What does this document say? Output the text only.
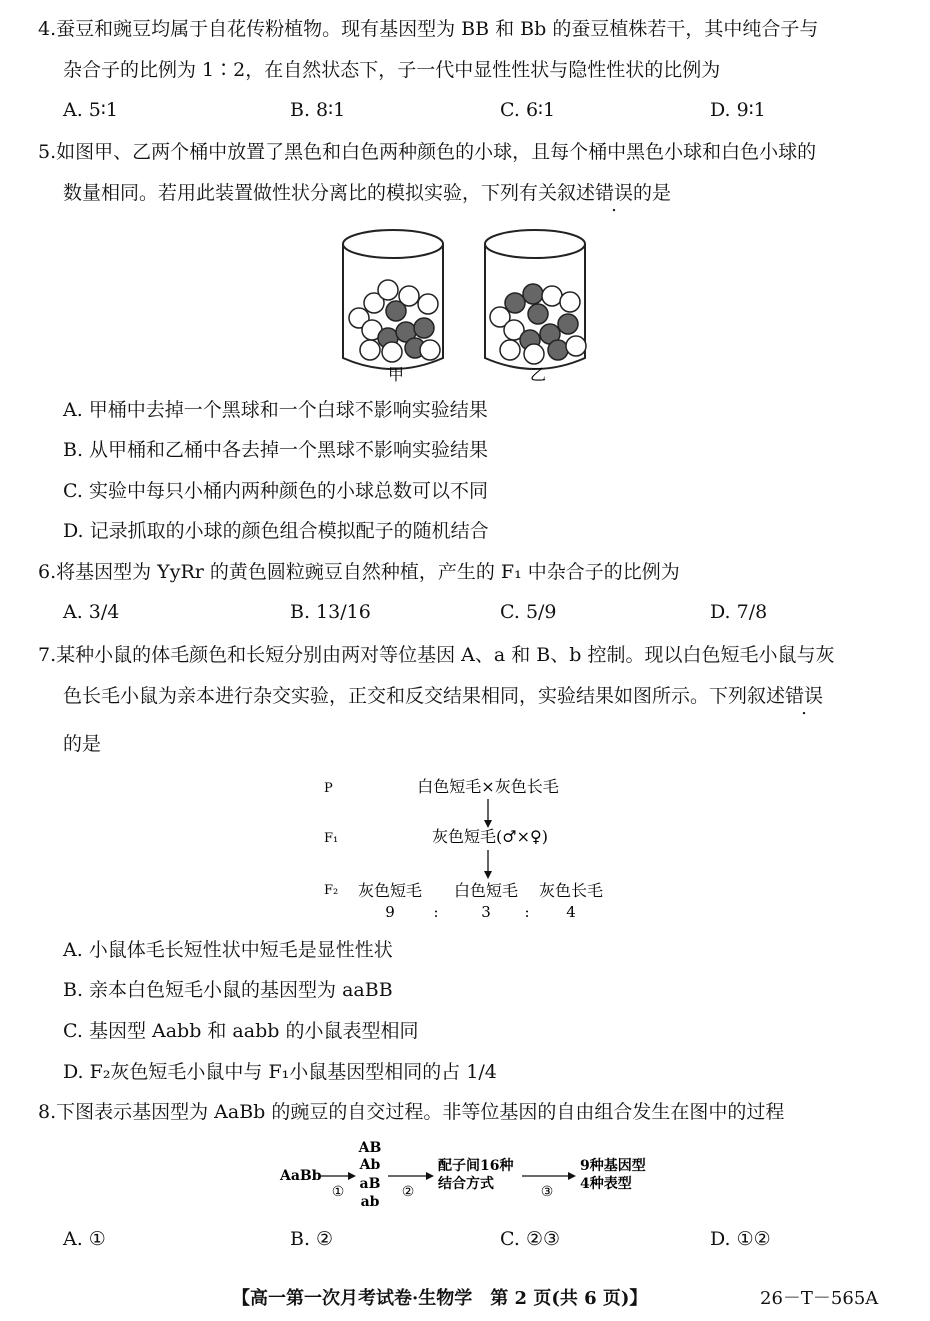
4.蚕豆和豌豆均属于自花传粉植物。现有基因型为 BB 和 Bb 的蚕豆植株若干，其中纯合子与
杂合子的比例为 1∶2，在自然状态下，子一代中显性性状与隐性性状的比例为
A. 5∶1	B. 8∶1	C. 6∶1	D. 9∶1
5.如图甲、乙两个桶中放置了黑色和白色两种颜色的小球，且每个桶中黑色小球和白色小球的
数量相同。若用此装置做性状分离比的模拟实验，下列有关叙述错误的是
甲	乙
A. 甲桶中去掉一个黑球和一个白球不影响实验结果
B. 从甲桶和乙桶中各去掉一个黑球不影响实验结果
C. 实验中每只小桶内两种颜色的小球总数可以不同
D. 记录抓取的小球的颜色组合模拟配子的随机结合
6.将基因型为 YyRr 的黄色圆粒豌豆自然种植，产生的 F₁ 中杂合子的比例为
A. 3/4	B. 13/16	C. 5/9	D. 7/8
7.某种小鼠的体毛颜色和长短分别由两对等位基因 A、a 和 B、b 控制。现以白色短毛小鼠与灰
色长毛小鼠为亲本进行杂交实验，正交和反交结果相同，实验结果如图所示。下列叙述错误
的是
P
F₁
F₂
白色短毛×灰色长毛
灰色短毛(♂×♀)
灰色短毛 白色短毛 灰色长毛
9	:	3 : 4
A. 小鼠体毛长短性状中短毛是显性性状
B. 亲本白色短毛小鼠的基因型为 aaBB
C. 基因型 Aabb 和 aabb 的小鼠表型相同
D. F₂灰色短毛小鼠中与 F₁小鼠基因型相同的占 1/4
8.下图表示基因型为 AaBb 的豌豆的自交过程。非等位基因的自由组合发生在图中的过程
AaBb
AB
Ab
aB
ab
配子间16种
结合方式
9种基因型
4种表型
①	②	③
A. ①	B. ②	C. ②③	D. ①②
【高一第一次月考试卷·生物学　第 2 页(共 6 页)】	26－T－565A
